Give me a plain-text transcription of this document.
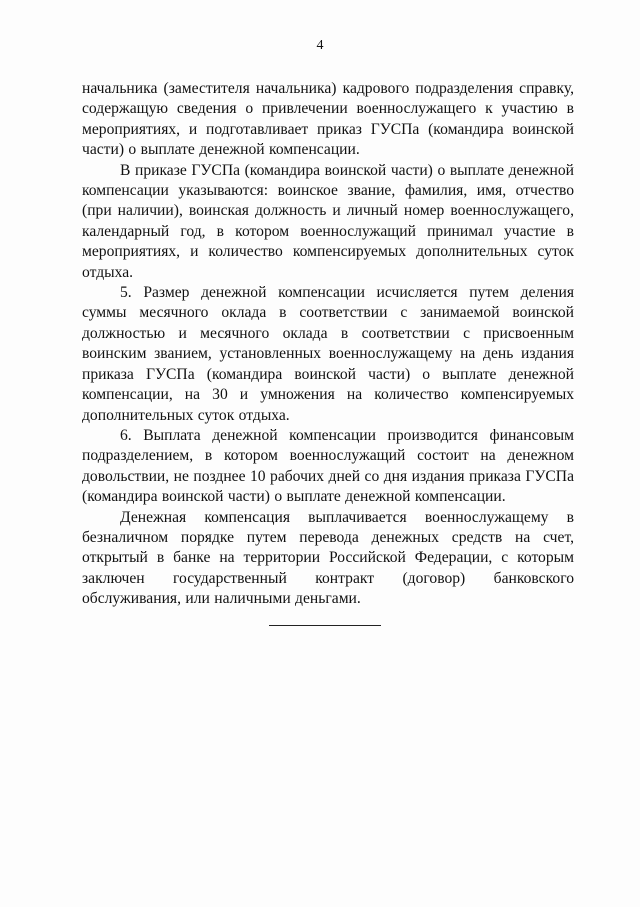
4

начальника (заместителя начальника) кадрового подразделения справку, содержащую сведения о привлечении военнослужащего к участию в мероприятиях, и подготавливает приказ ГУСПа (командира воинской части) о выплате денежной компенсации.

В приказе ГУСПа (командира воинской части) о выплате денежной компенсации указываются: воинское звание, фамилия, имя, отчество (при наличии), воинская должность и личный номер военнослужащего, календарный год, в котором военнослужащий принимал участие в мероприятиях, и количество компенсируемых дополнительных суток отдыха.

5. Размер денежной компенсации исчисляется путем деления суммы месячного оклада в соответствии с занимаемой воинской должностью и месячного оклада в соответствии с присвоенным воинским званием, установленных военнослужащему на день издания приказа ГУСПа (командира воинской части) о выплате денежной компенсации, на 30 и умножения на количество компенсируемых дополнительных суток отдыха.

6. Выплата денежной компенсации производится финансовым подразделением, в котором военнослужащий состоит на денежном довольствии, не позднее 10 рабочих дней со дня издания приказа ГУСПа (командира воинской части) о выплате денежной компенсации.

Денежная компенсация выплачивается военнослужащему в безналичном порядке путем перевода денежных средств на счет, открытый в банке на территории Российской Федерации, с которым заключен государственный контракт (договор) банковского обслуживания, или наличными деньгами.
